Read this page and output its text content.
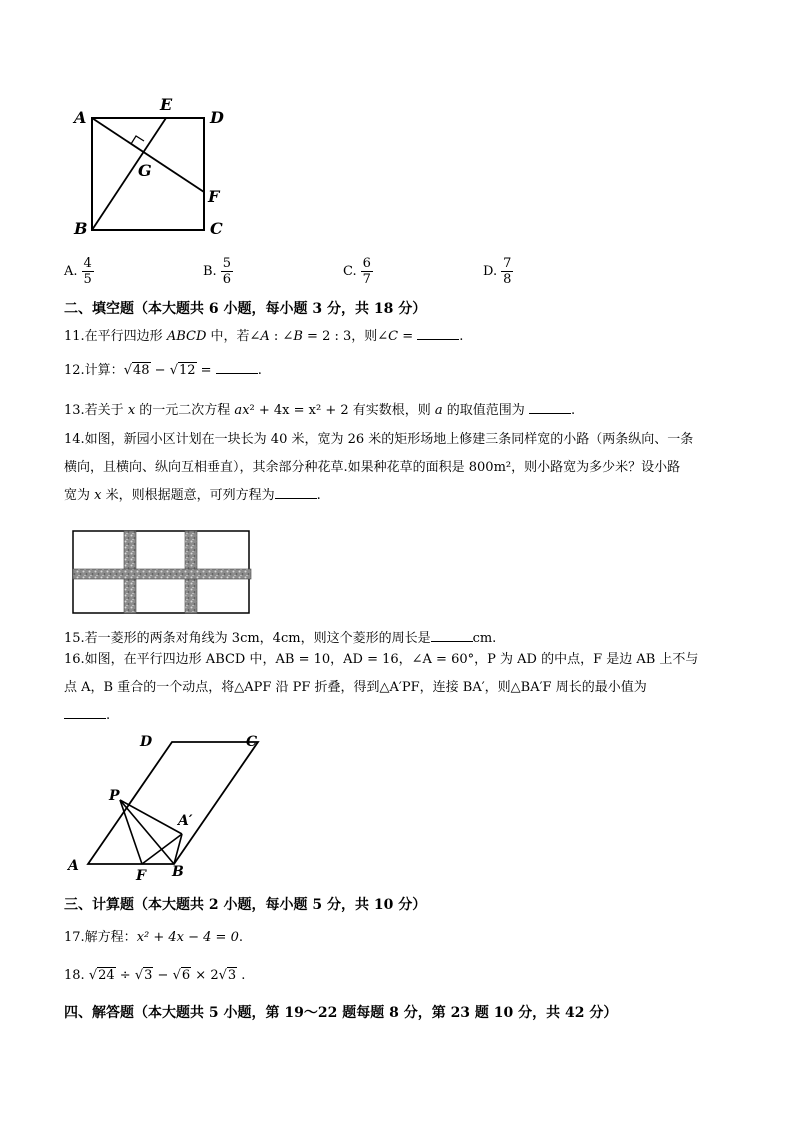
A
E
D
G
F
B	C
A. $\frac{4}{5}$	B. $\frac{5}{6}$	C. $\frac{6}{7}$	D. $\frac{7}{8}$
二、填空题（本大题共 6 小题，每小题 3 分，共 18 分）
11.在平行四边形 ABCD 中，若∠A : ∠B = 2 : 3，则∠C =	.
12.计算：√48 − √12 =	.
13.若关于 x 的一元二次方程 ax² + 4x = x² + 2 有实数根，则 a 的取值范围为	.
14.如图，新园小区计划在一块长为 40 米，宽为 26 米的矩形场地上修建三条同样宽的小路（两条纵向、一条
横向，且横向、纵向互相垂直），其余部分种花草.如果种花草的面积是 800m²，则小路宽为多少米？设小路
宽为 x 米，则根据题意，可列方程为	.
15.若一菱形的两条对角线为 3cm，4cm，则这个菱形的周长是	cm.
16.如图，在平行四边形 ABCD 中，AB = 10，AD = 16，∠A = 60°，P 为 AD 的中点，F 是边 AB 上不与
点 A，B 重合的一个动点，将△APF 沿 PF 折叠，得到△A′PF，连接 BA′，则△BA′F 周长的最小值为
.
D	C
P
A′
A
F B
三、计算题（本大题共 2 小题，每小题 5 分，共 10 分）
17.解方程：x² + 4x − 4 = 0.
18. √24 ÷ √3 − √6 × 2√3 .
四、解答题（本大题共 5 小题，第 19～22 题每题 8 分，第 23 题 10 分，共 42 分）
